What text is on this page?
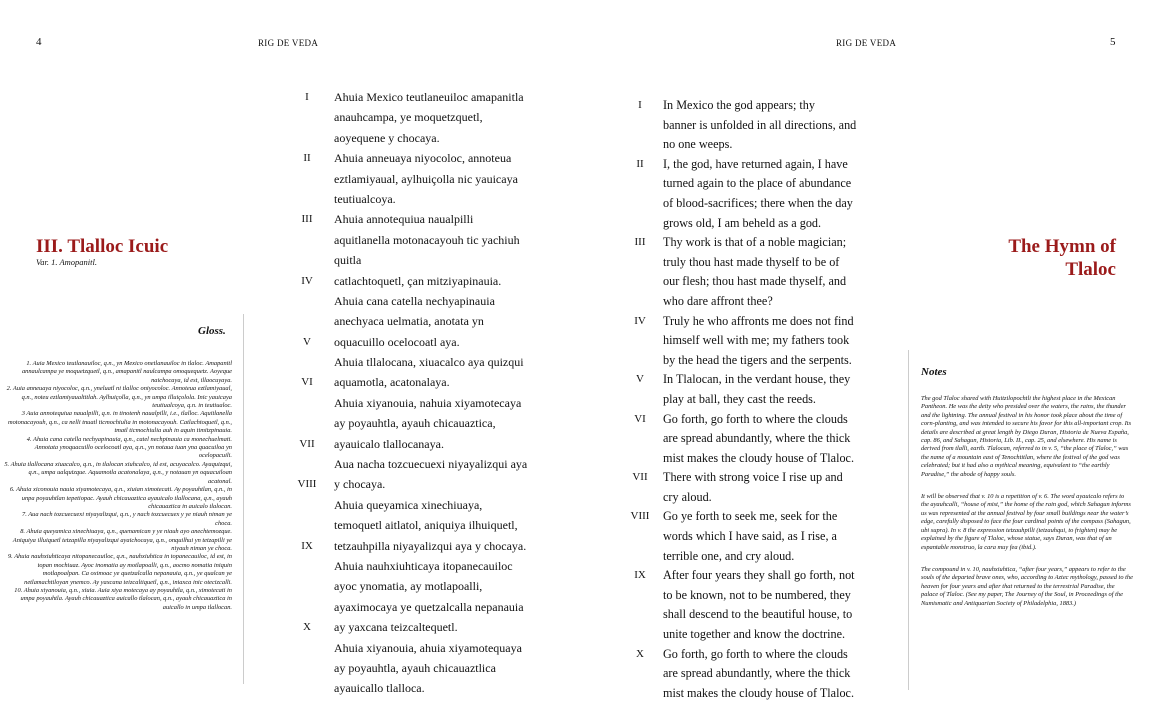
4	RIG DE VEDA	RIG DE VEDA	5
III. Tlalloc Icuic
Var. 1. Amopanitl.
Gloss.

1. Auia Mexico teutlanauiloc, q.n., yn Mexico onetlanauiloc in tlaloc. Amapanitl annaulcampa ye moquetzquetl, q.n., amapanitl naulcampa omoquequetz. Aoyeque naichocaya, id est, illaocuyaya.

2. Auia anneuaya niyocoloc, q.n., yneluatl ni tlalloc oniyocoloc. Annoteua eztlamiyaual, q.n., noteu eztlamiyaualtitlah. Aylhuiçolla, q.n., yn umpa illuiçolola. Inic yauicaya teutiualcoya, q.n. in teutiualoc.

3 Auia annotequiua naualpilli, q.n. in tinotenh naualpilli, i.e., tlalloc. Aquitlanella motonacayouh, q.n., ca nelli tnuatl ticmochiulia in motonacayouh. Catlachtoquetl, q.n., tmatl ticmochiulia auh in aquin timitzpinauia.

4. Ahuia cana catella nechyapinauia, q.n., catel nechpinauia ca monechuelmati. Annotata ynoquacuillo ocelocoatl aya, q.n., yn notaua iuan yna quacuiloa yn ocelopacuili.

5. Ahuia tlallocana xiuacalco, q.n., in tlalocan xiuhcalco, id est, acuyacalco. Ayaquizqui, q.n., umpa ualquizque. Aquamotla acatonalaya, q.n., y notauan yn oquacuiloan acatonal.

6. Ahuia xiconouia nauia xiyamotecaya, q.n., xiuian ximotecati. Ay poyauhtlan, q.n., in unpa poyauhtlan tepetiopac. Ayauh chicauaztica ayauicalo tlallocana, q.n., ayauh chicauaztica in auicalo tlalocan.

7. Aua nach tozcuecuexi niyayalizqui, q.n., y nach tozcuecuex y ye niauh niman ye choca.

8. Ahuia queyamica xinechiuaya, q.n., quenamican y ye niauh ayo anechtemozque. Aniquiya illuiquetl tetzapilla niyayalizqui ayaichocaya, q.n., onquilhui yn tetzapilli ye niyauh niman ye choca.

9. Ahuia nauhxiuhticaya nitopanecauiloc, q.n., nauhxiuhtica in topanecauiloc, id est, in topan mochiuaz. Ayoc inomatia ay motlapoalli, q.n., aocmo nomatia iniquin motlapoalpan. Ca oximoac ye quetzalcalla nepanauia, q.n., ye qualcan ye netlamachtiloyan ynemco. Ay yaxcana teizcaltiquetl, q.n., iniaxca inic otecizcalli.

10. Ahuia xiyanouia, q.n., xiuia. Auia xiya motecaya ay poyauhtla, q.n., ximotecati in umpa poyauhtla. Ayauh chicauaztica auicallo tlalocan, q.n., ayauh chicauaztica in auicallo in umpa tlallocan.

I	Ahuia Mexico teutlaneuiloc amapanitla
anauhcampa, ye moquetzquetl,
aoyequene y chocaya.
II	Ahuia anneuaya niyocoloc, annoteua
eztlamiyaual, aylhuiçolla nic yauicaya
teutiualcoya.
III	Ahuia annotequiua naualpilli
aquitlanella motonacayouh tic yachiuh
quitla
IV	catlachtoquetl, çan mitziyapinauia.
Ahuia cana catella nechyapinauia
anechyaca uelmatia, anotata yn
V	oquacuillo ocelocoatl aya.
Ahuia tllalocana, xiuacalco aya quizqui
VI	aquamotla, acatonalaya.
Ahuia xiyanouia, nahuia xiyamotecaya
ay poyauhtla, ayauh chicauaztica,
VII	ayauicalo tlallocanaya.
Aua nacha tozcuecuexi niyayalizqui aya
VIII	y chocaya.
Ahuia queyamica xinechiuaya,
temoquetl aitlatol, aniquiya ilhuiquetl,
IX	tetzauhpilla niyayalizqui aya y chocaya.
Ahuia nauhxiuhticaya itopanecauiloc
ayoc ynomatia, ay motlapoalli,
ayaximocaya ye quetzalcalla nepanauia
X	ay yaxcana teizcaltequetl.
Ahuia xiyanouia, ahuia xiyamotequaya
ay poyauhtla, ayauh chicauaztlica
ayauicallo tlalloca.
I	In Mexico the god appears; thy
banner is unfolded in all directions, and
no one weeps.
II	I, the god, have returned again, I have
turned again to the place of abundance
of blood-sacrifices; there when the day
grows old, I am beheld as a god.
III	Thy work is that of a noble magician;
truly thou hast made thyself to be of
our flesh; thou hast made thyself, and
who dare affront thee?
IV	Truly he who affronts me does not find
himself well with me; my fathers took
by the head the tigers and the serpents.
V	In Tlalocan, in the verdant house, they
play at ball, they cast the reeds.
VI	Go forth, go forth to where the clouds
are spread abundantly, where the thick
mist makes the cloudy house of Tlaloc.
VII	There with strong voice I rise up and
cry aloud.
VIII	Go ye forth to seek me, seek for the
words which I have said, as I rise, a
terrible one, and cry aloud.
IX	After four years they shall go forth, not
to be known, not to be numbered, they
shall descend to the beautiful house, to
unite together and know the doctrine.
X	Go forth, go forth to where the clouds
are spread abundantly, where the thick
mist makes the cloudy house of Tlaloc.
The Hymn of
Tlaloc
Notes

The god Tlaloc shared with Huitzilopochtli the highest place in the Mexican Pantheon. He was the deity who presided over the waters, the rains, the thunder and the lightning. The annual festival in his honor took place about the time of corn-planting, and was intended to secure his favor for this all-important crop. Its details are described at great length by Diego Duran, Historia de Nueva España, cap. 86, and Sahagun, Historia, Lib. II., cap. 25, and elsewhere. His name is derived from tlalli, earth. Tlalocan, referred to in v. 5, “the place of Tlaloc,” was the name of a mountain east of Tenochtitlan, where the festival of the god was celebrated; but it had also a mythical meaning, equivalent to “the earthly Paradise,” the abode of happy souls.

It will be observed that v. 10 is a repetition of v. 6. The word ayauicalo refers to the ayauhcalli, “house of mist,” the home of the rain god, which Sahagun informs us was represented at the annual festival by four small buildings near the water’s edge, carefully disposed to face the four cardinal points of the compass (Sahagun, ubi supra). In v. 8 the expression tetzauhpilli (tetzauhqui, to frighten) may be explained by the figure of Tlaloc, whose statue, says Duran, was that of un espantable monstruo, la cara muy fea (ibid.).

The compound in v. 10, nauhxiuhtica, “after four years,” appears to refer to the souls of the departed brave ones, who, according to Aztec mythology, passed to the heaven for four years and after that returned to the terrestrial Paradise, the palace of Tlaloc. (See my paper, The Journey of the Soul, in Proceedings of the Numismatic and Antiquarian Society of Philadelphia, 1883.)
